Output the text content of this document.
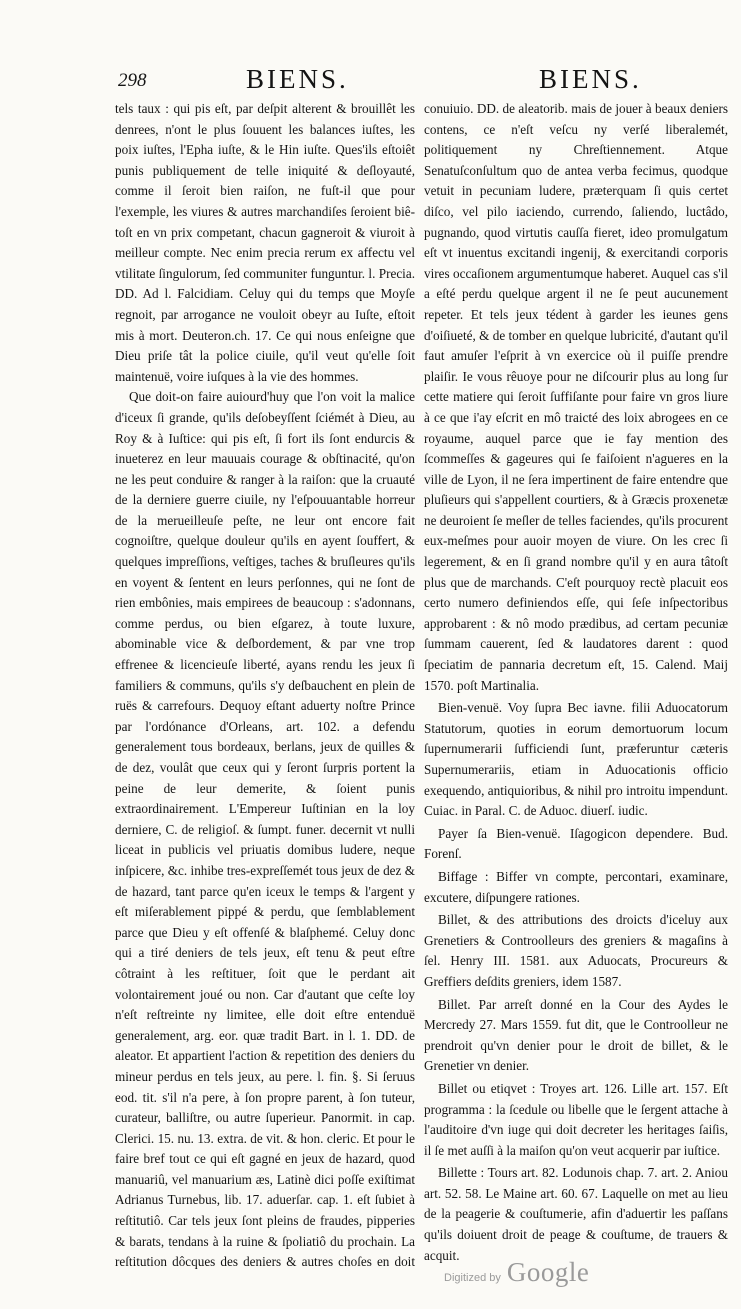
298	BIENS.	BIENS.

tels taux : qui pis eſt, par deſpit alterent & brouillêt les denrees, n'ont le plus ſouuent les balances iuſtes, les poix iuſtes, l'Epha iuſte, & le Hin iuſte. Ques'ils eſtoiêt punis publiquement de telle iniquité & deſloyauté, comme il ſeroit bien raiſon, ne fuſt-il que pour l'exemple, les viures & autres marchandiſes ſeroient biê-toſt en vn prix competant, chacun gagneroit & viuroit à meilleur compte. Nec enim precia rerum ex affectu vel vtilitate ſingulorum, ſed communiter funguntur. l. Precia. DD. Ad l. Falcidiam. Celuy qui du temps que Moyſe regnoit, par arrogance ne vouloit obeyr au Iuſte, eſtoit mis à mort. Deuteron.ch. 17. Ce qui nous enſeigne que Dieu priſe tât la police ciuile, qu'il veut qu'elle ſoit maintenuë, voire iuſques à la vie des hommes.

Que doit-on faire auiourd'huy que l'on voit la malice d'iceux ſi grande, qu'ils deſobeyſſent ſciémét à Dieu, au Roy & à Iuſtice: qui pis eſt, ſi fort ils ſont endurcis & inueterez en leur mauuais courage & obſtinacité, qu'on ne les peut conduire & ranger à la raiſon: que la cruauté de la derniere guerre ciuile, ny l'eſpouuantable horreur de la merueilleuſe peſte, ne leur ont encore fait cognoiſtre, quelque douleur qu'ils en ayent ſouffert, & quelques impreſſions, veſtiges, taches & bruſleures qu'ils en voyent & ſentent en leurs perſonnes, qui ne ſont de rien embônies, mais empirees de beaucoup : s'adonnans, comme perdus, ou bien eſgarez, à toute luxure, abominable vice & deſbordement, & par vne trop effrenee & licencieuſe liberté, ayans rendu les jeux ſi familiers & communs, qu'ils s'y deſbauchent en plein de ruës & carrefours. Dequoy eſtant aduerty noſtre Prince par l'ordónance d'Orleans, art. 102. a defendu generalement tous bordeaux, berlans, jeux de quilles & de dez, voulât que ceux qui y ſeront ſurpris portent la peine de leur demerite, & ſoient punis extraordinairement. L'Empereur Iuſtinian en la loy derniere, C. de religioſ. & ſumpt. funer. decernit vt nulli liceat in publicis vel priuatis domibus ludere, neque inſpicere, &c. inhibe tres-expreſſemét tous jeux de dez & de hazard, tant parce qu'en iceux le temps & l'argent y eſt miſerablement pippé & perdu, que ſemblablement parce que Dieu y eſt offenſé & blaſphemé. Celuy donc qui a tiré deniers de tels jeux, eſt tenu & peut eſtre côtraint à les reſtituer, ſoit que le perdant ait volontairement joué ou non. Car d'autant que ceſte loy n'eſt reſtreinte ny limitee, elle doit eſtre entenduë generalement, arg. eor. quæ tradit Bart. in l. 1. DD. de aleator. Et appartient l'action & repetition des deniers du mineur perdus en tels jeux, au pere. l. fin. §. Si ſeruus eod. tit. s'il n'a pere, à ſon propre parent, à ſon tuteur, curateur, balliſtre, ou autre ſuperieur. Panormit. in cap. Clerici. 15. nu. 13. extra. de vit. & hon. cleric. Et pour le faire bref tout ce qui eſt gagné en jeux de hazard, quod manuariû, vel manuarium æs, Latinè dici poſſe exiſtimat Adrianus Turnebus, lib. 17. aduerſar. cap. 1. eſt ſubiet à reſtitutiô. Car tels jeux ſont pleins de fraudes, pipperies & barats, tendans à la ruine & ſpoliatiô du prochain. La reſtitution dôcques des deniers & autres choſes en doit

conuiuio. DD. de aleatorib. mais de jouer à beaux deniers contens, ce n'eſt veſcu ny verſé liberalemét, politiquement ny Chreſtiennement. Atque Senatuſconſultum quo de antea verba fecimus, quodque vetuit in pecuniam ludere, præterquam ſi quis certet diſco, vel pilo iaciendo, currendo, ſaliendo, luctâdo, pugnando, quod virtutis cauſſa fieret, ideo promulgatum eſt vt inuentus excitandi ingenij, & exercitandi corporis vires occaſionem argumentumque haberet. Auquel cas s'il a eſté perdu quelque argent il ne ſe peut aucunement repeter. Et tels jeux tédent à garder les ieunes gens d'oiſiueté, & de tomber en quelque lubricité, d'autant qu'il faut amuſer l'eſprit à vn exercice où il puiſſe prendre plaiſir. Ie vous rêuoye pour ne diſcourir plus au long ſur cette matiere qui ſeroit ſuffiſante pour faire vn gros liure à ce que i'ay eſcrit en mô traicté des loix abrogees en ce royaume, auquel parce que ie fay mention des ſcommeſſes & gageures qui ſe faiſoient n'agueres en la ville de Lyon, il ne ſera impertinent de faire entendre que pluſieurs qui s'appellent courtiers, & à Græcis proxenetæ ne deuroient ſe meſler de telles faciendes, qu'ils procurent eux-meſmes pour auoir moyen de viure. On les crec ſi legerement, & en ſi grand nombre qu'il y en aura tâtoſt plus que de marchands. C'eſt pourquoy rectè placuit eos certo numero definiendos eſſe, qui ſeſe inſpectoribus approbarent : & nô modo prædibus, ad certam pecuniæ ſummam cauerent, ſed & laudatores darent : quod ſpeciatim de pannaria decretum eſt, 15. Calend. Maij 1570. poſt Martinalia.

Bien-venuë. Voy ſupra Bec iavne. filii Aduocatorum Statutorum, quoties in eorum demortuorum locum ſupernumerarii ſufficiendi ſunt, præferuntur cæteris Supernumerariis, etiam in Aduocationis officio exequendo, antiquioribus, & nihil pro introitu impendunt. Cuiac. in Paral. C. de Aduoc. diuerſ. iudic.

Payer ſa Bien-venuë. Iſagogicon dependere. Bud. Forenſ.

Biffage : Biffer vn compte, percontari, examinare, excutere, diſpungere rationes.

Billet, & des attributions des droicts d'iceluy aux Grenetiers & Controolleurs des greniers & magaſins à ſel. Henry III. 1581. aux Aduocats, Procureurs & Greffiers deſdits greniers, idem 1587.

Billet. Par arreſt donné en la Cour des Aydes le Mercredy 27. Mars 1559. fut dit, que le Controolleur ne prendroit qu'vn denier pour le droit de billet, & le Grenetier vn denier.

Billet ou etiqvet : Troyes art. 126. Lille art. 157. Eſt programma : la ſcedule ou libelle que le ſergent attache à l'auditoire d'vn iuge qui doit decreter les heritages ſaiſis, il ſe met auſſi à la maiſon qu'on veut acquerir par iuſtice.

Billette : Tours art. 82. Lodunois chap. 7. art. 2. Aniou art. 52. 58. Le Maine art. 60. 67. Laquelle on met au lieu de la peagerie & couſtumerie, afin d'aduertir les paſſans qu'ils doiuent droit de peage & couſtume, de trauers & acquit.

Digitized by Google
